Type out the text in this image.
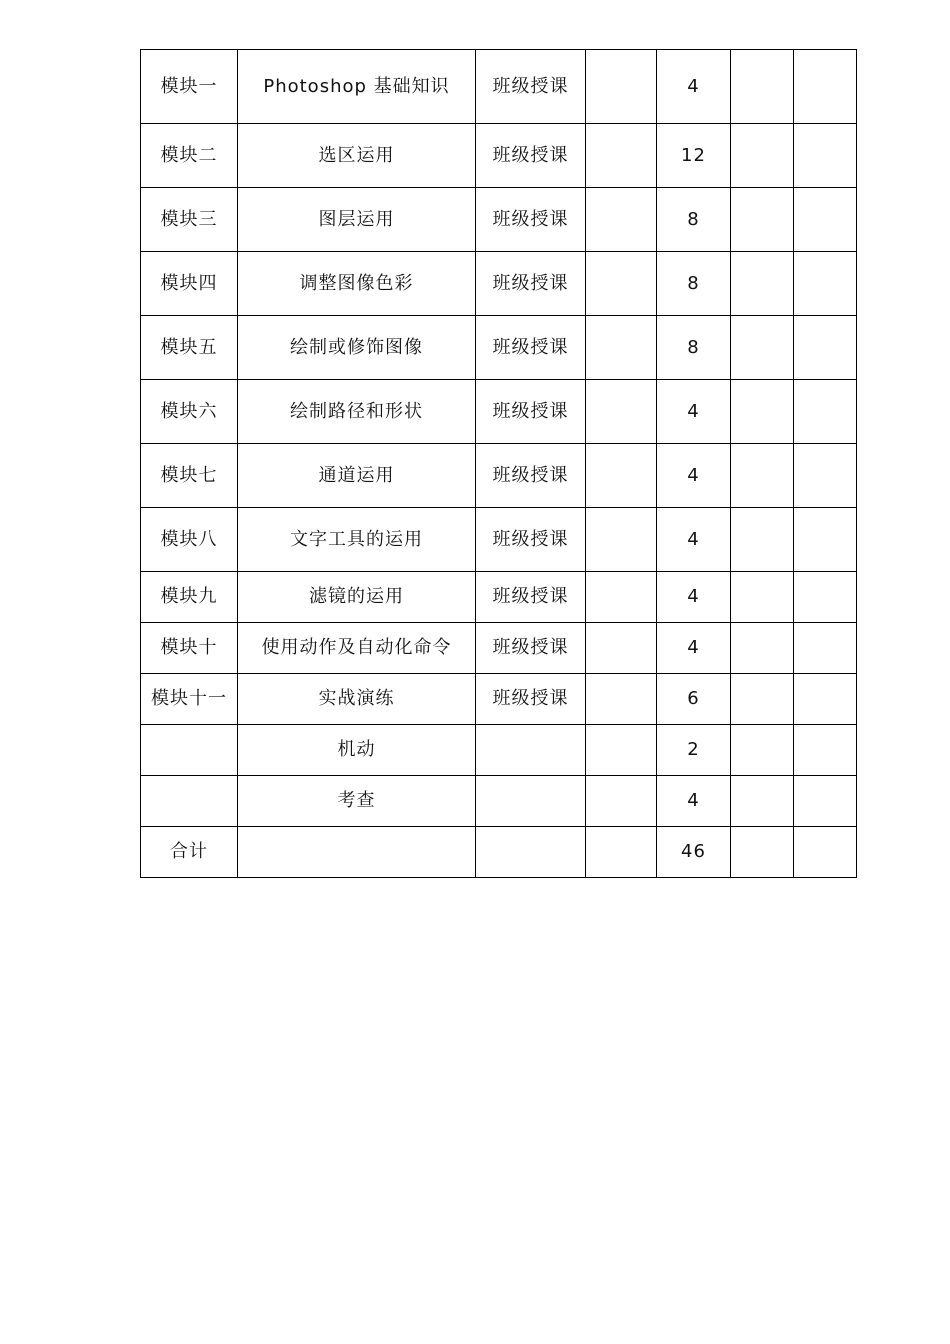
模块一	Photoshop 基础知识	班级授课		4		
模块二	选区运用	班级授课		12		
模块三	图层运用	班级授课		8		
模块四	调整图像色彩	班级授课		8		
模块五	绘制或修饰图像	班级授课		8		
模块六	绘制路径和形状	班级授课		4		
模块七	通道运用	班级授课		4		
模块八	文字工具的运用	班级授课		4		
模块九	滤镜的运用	班级授课		4		
模块十	使用动作及自动化命令	班级授课		4		
模块十一	实战演练	班级授课		6		
	机动			2		
	考查			4		
合计				46		
